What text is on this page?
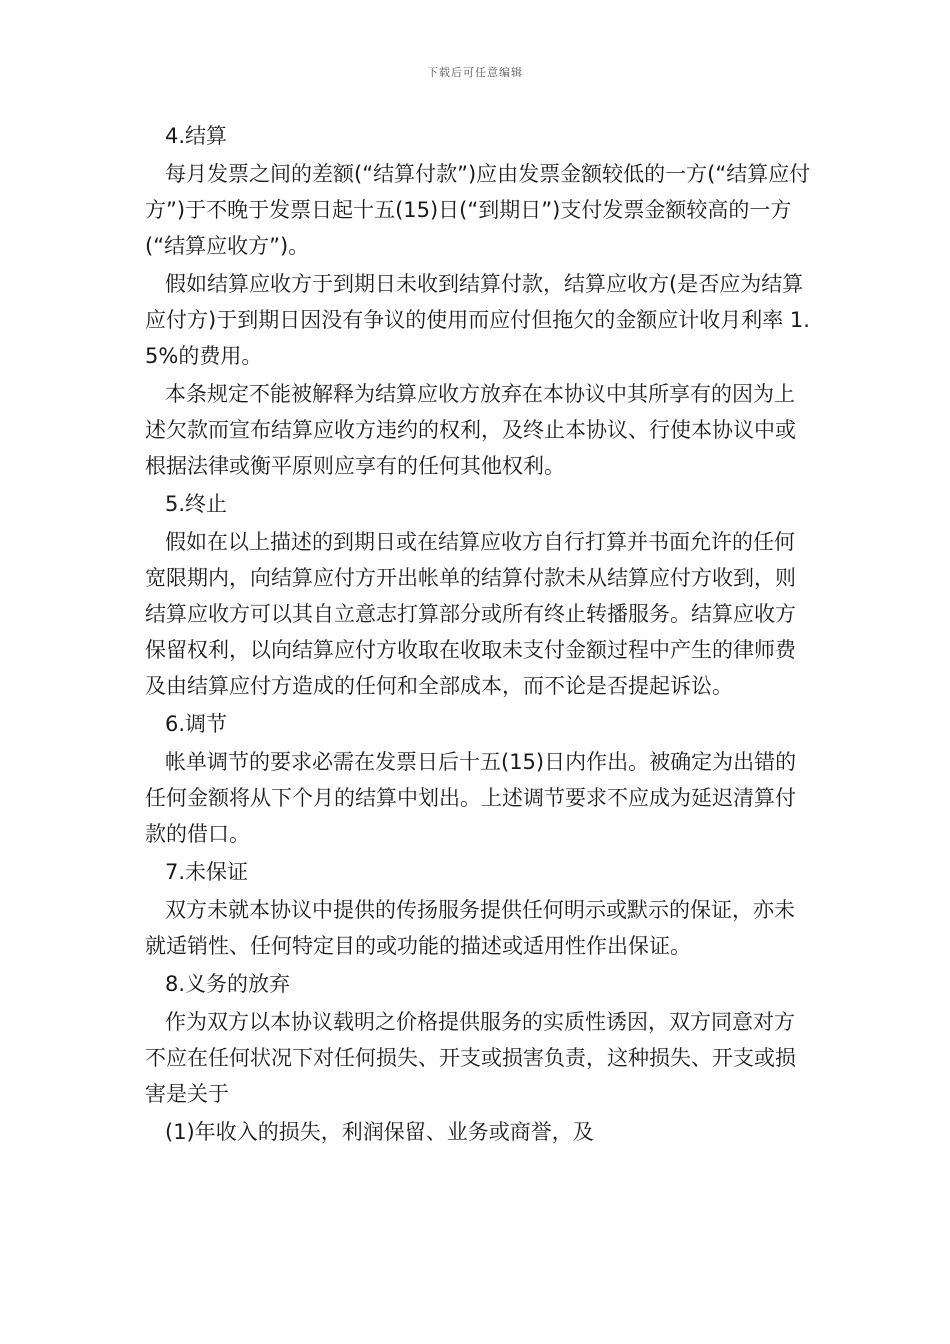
下载后可任意编辑

4.结算

每月发票之间的差额(“结算付款”)应由发票金额较低的一方(“结算应付方”)于不晚于发票日起十五(15)日(“到期日”)支付发票金额较高的一方(“结算应收方”)。

假如结算应收方于到期日未收到结算付款，结算应收方(是否应为结算应付方)于到期日因没有争议的使用而应付但拖欠的金额应计收月利率 1.5%的费用。

本条规定不能被解释为结算应收方放弃在本协议中其所享有的因为上述欠款而宣布结算应收方违约的权利，及终止本协议、行使本协议中或根据法律或衡平原则应享有的任何其他权利。

5.终止

假如在以上描述的到期日或在结算应收方自行打算并书面允许的任何宽限期内，向结算应付方开出帐单的结算付款未从结算应付方收到，则结算应收方可以其自立意志打算部分或所有终止转播服务。结算应收方保留权利，以向结算应付方收取在收取未支付金额过程中产生的律师费及由结算应付方造成的任何和全部成本，而不论是否提起诉讼。

6.调节

帐单调节的要求必需在发票日后十五(15)日内作出。被确定为出错的任何金额将从下个月的结算中划出。上述调节要求不应成为延迟清算付款的借口。

7.未保证

双方未就本协议中提供的传扬服务提供任何明示或默示的保证，亦未就适销性、任何特定目的或功能的描述或适用性作出保证。

8.义务的放弃

作为双方以本协议载明之价格提供服务的实质性诱因，双方同意对方不应在任何状况下对任何损失、开支或损害负责，这种损失、开支或损害是关于

(1)年收入的损失，利润保留、业务或商誉，及
